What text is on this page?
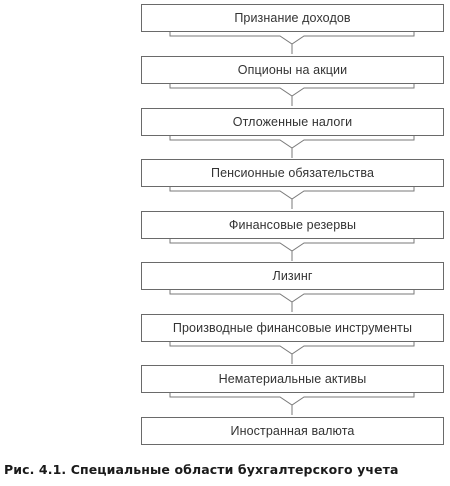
Признание доходов
Опционы на акции
Отложенные налоги
Пенсионные обязательства
Финансовые резервы
Лизинг
Производные финансовые инструменты
Нематериальные активы
Иностранная валюта
Рис. 4.1. Специальные области бухгалтерского учета
